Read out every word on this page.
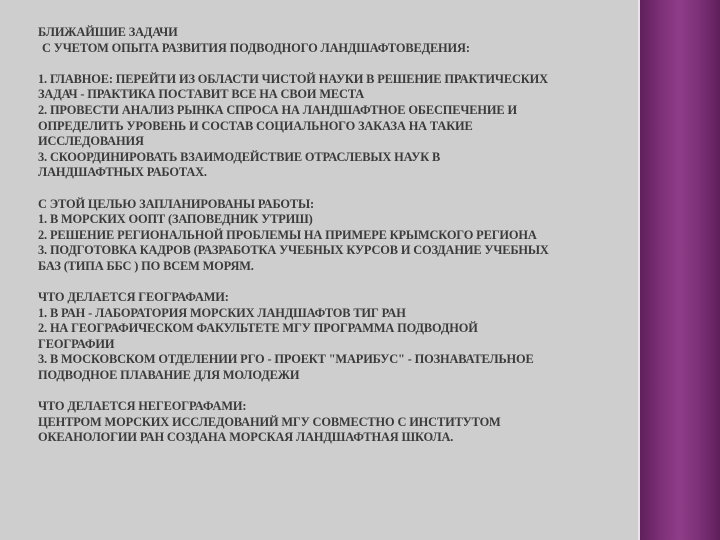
БЛИЖАЙШИЕ ЗАДАЧИ
С УЧЕТОМ ОПЫТА РАЗВИТИЯ ПОДВОДНОГО ЛАНДШАФТОВЕДЕНИЯ:
1. ГЛАВНОЕ: ПЕРЕЙТИ ИЗ ОБЛАСТИ ЧИСТОЙ НАУКИ В РЕШЕНИЕ ПРАКТИЧЕСКИХ
ЗАДАЧ - ПРАКТИКА ПОСТАВИТ ВСЕ НА СВОИ МЕСТА
2. ПРОВЕСТИ АНАЛИЗ РЫНКА СПРОСА НА ЛАНДШАФТНОЕ ОБЕСПЕЧЕНИЕ И
ОПРЕДЕЛИТЬ УРОВЕНЬ И СОСТАВ СОЦИАЛЬНОГО ЗАКАЗА НА ТАКИЕ
ИССЛЕДОВАНИЯ
3. СКООРДИНИРОВАТЬ ВЗАИМОДЕЙСТВИЕ ОТРАСЛЕВЫХ НАУК В
ЛАНДШАФТНЫХ РАБОТАХ.
С ЭТОЙ ЦЕЛЬЮ ЗАПЛАНИРОВАНЫ РАБОТЫ:
1. В МОРСКИХ ООПТ (ЗАПОВЕДНИК УТРИШ)
2. РЕШЕНИЕ РЕГИОНАЛЬНОЙ ПРОБЛЕМЫ НА ПРИМЕРЕ КРЫМСКОГО РЕГИОНА
3. ПОДГОТОВКА КАДРОВ (РАЗРАБОТКА УЧЕБНЫХ КУРСОВ И СОЗДАНИЕ УЧЕБНЫХ
БАЗ (ТИПА ББС ) ПО ВСЕМ МОРЯМ.
ЧТО ДЕЛАЕТСЯ ГЕОГРАФАМИ:
1. В РАН - ЛАБОРАТОРИЯ МОРСКИХ ЛАНДШАФТОВ ТИГ РАН
2. НА ГЕОГРАФИЧЕСКОМ ФАКУЛЬТЕТЕ МГУ ПРОГРАММА ПОДВОДНОЙ
ГЕОГРАФИИ
3. В МОСКОВСКОМ ОТДЕЛЕНИИ РГО - ПРОЕКТ "МАРИБУС" - ПОЗНАВАТЕЛЬНОЕ
ПОДВОДНОЕ ПЛАВАНИЕ ДЛЯ МОЛОДЕЖИ
ЧТО ДЕЛАЕТСЯ НЕГЕОГРАФАМИ:
ЦЕНТРОМ МОРСКИХ ИССЛЕДОВАНИЙ МГУ СОВМЕСТНО С ИНСТИТУТОМ
ОКЕАНОЛОГИИ РАН СОЗДАНА МОРСКАЯ ЛАНДШАФТНАЯ ШКОЛА.
